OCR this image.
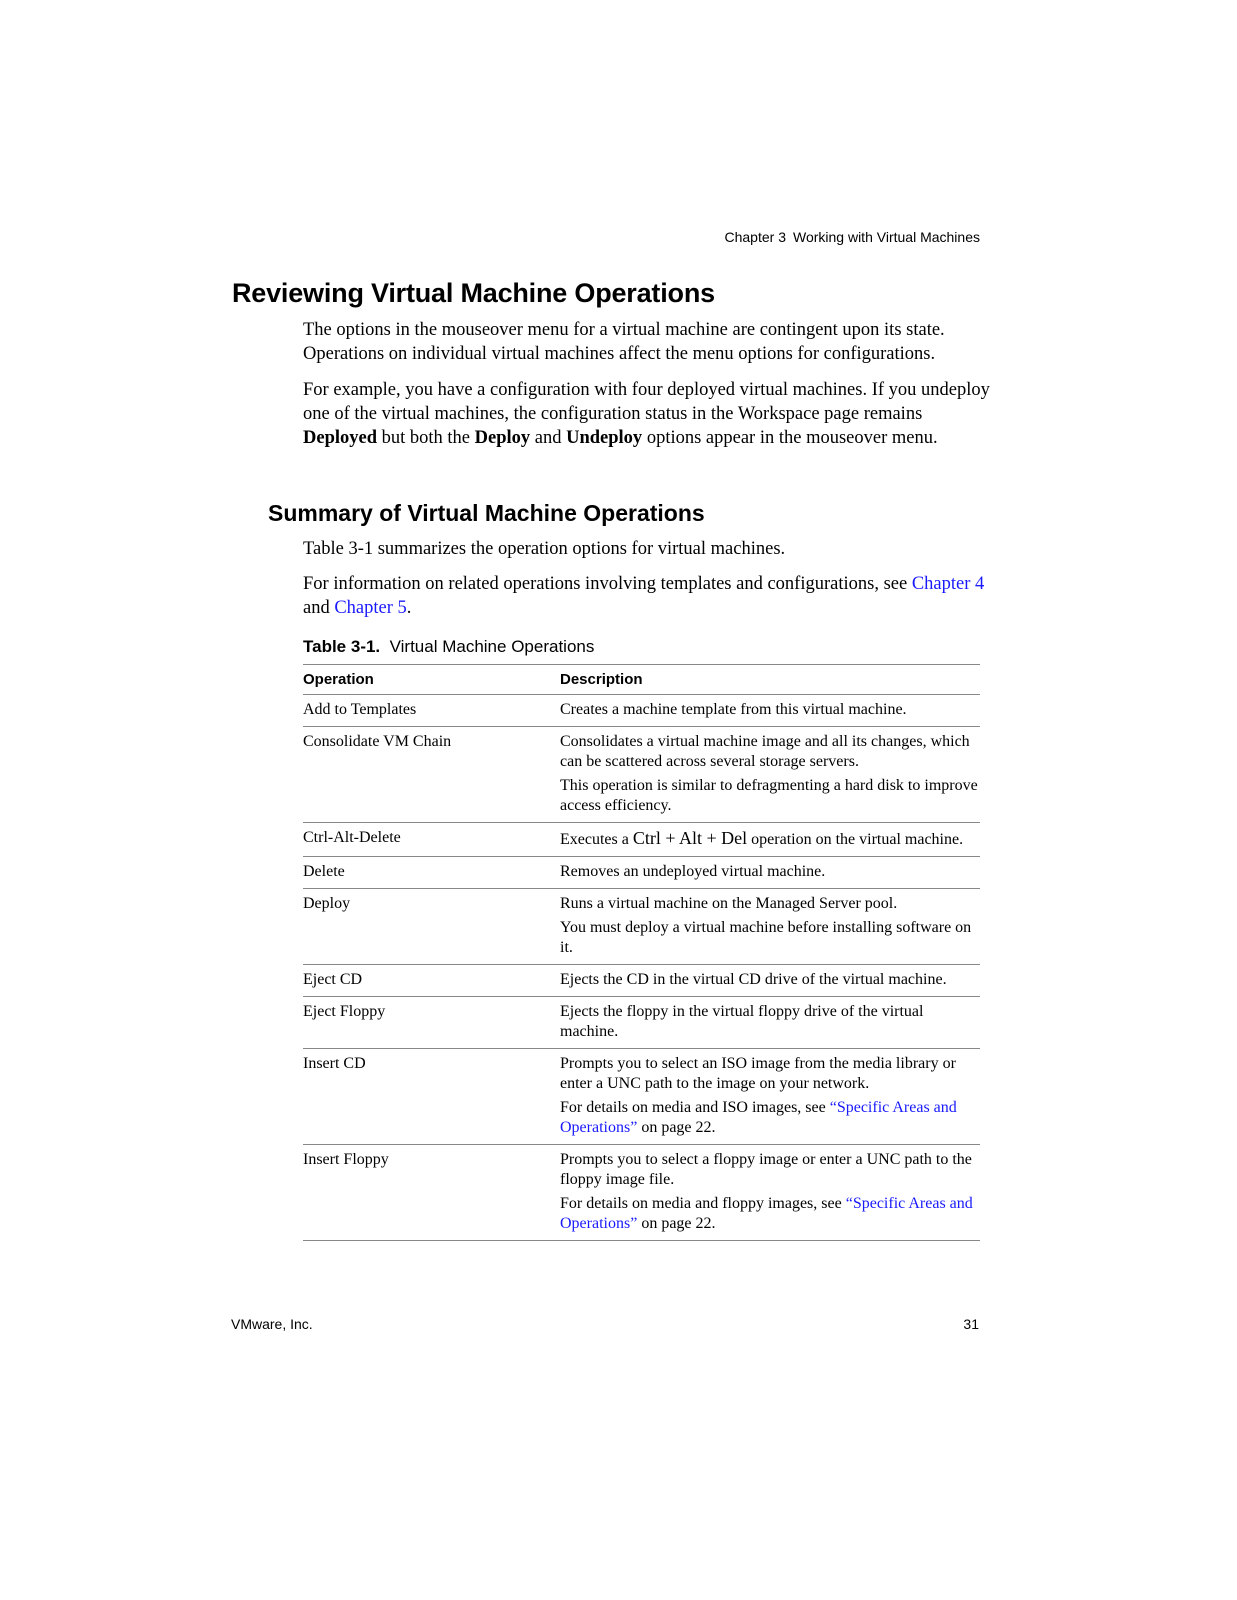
Chapter 3 Working with Virtual Machines
Reviewing Virtual Machine Operations

The options in the mouseover menu for a virtual machine are contingent upon its state. Operations on individual virtual machines affect the menu options for configurations.

For example, you have a configuration with four deployed virtual machines. If you undeploy one of the virtual machines, the configuration status in the Workspace page remains Deployed but both the Deploy and Undeploy options appear in the mouseover menu.

Summary of Virtual Machine Operations

Table 3-1 summarizes the operation options for virtual machines.

For information on related operations involving templates and configurations, see Chapter 4 and Chapter 5.

Table 3-1. Virtual Machine Operations

Operation	Description
Add to Templates	Creates a machine template from this virtual machine.

Consolidate VM Chain	Consolidates a virtual machine image and all its changes, which can be scattered across several storage servers.

This operation is similar to defragmenting a hard disk to improve access efficiency.

Ctrl-Alt-Delete	Executes a Ctrl + Alt + Del operation on the virtual machine.

Delete	Removes an undeployed virtual machine.

Deploy	Runs a virtual machine on the Managed Server pool.

You must deploy a virtual machine before installing software on it.

Eject CD	Ejects the CD in the virtual CD drive of the virtual machine.

Eject Floppy	Ejects the floppy in the virtual floppy drive of the virtual machine.

Insert CD	Prompts you to select an ISO image from the media library or enter a UNC path to the image on your network.

For details on media and ISO images, see “Specific Areas and Operations” on page 22.

Insert Floppy	Prompts you to select a floppy image or enter a UNC path to the floppy image file.

For details on media and floppy images, see “Specific Areas and Operations” on page 22.

VMware, Inc.	31
